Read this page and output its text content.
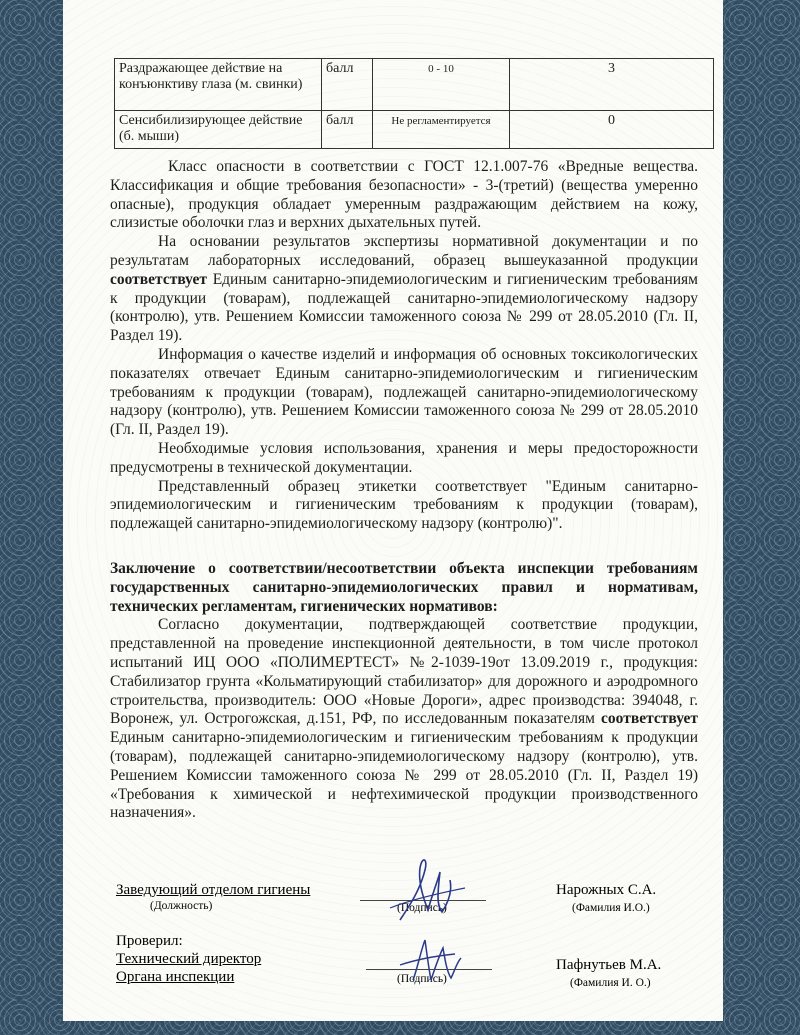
Раздражающее действие на конъюнктиву глаза (м. свинки)	балл	0 - 10	3
Сенсибилизирующее действие (б. мыши)	балл	Не регламентируется	0

Класс опасности в соответствии с ГОСТ 12.1.007-76 «Вредные вещества. Классификация и общие требования безопасности» - 3-(третий) (вещества умеренно опасные), продукция обладает умеренным раздражающим действием на кожу, слизистые оболочки глаз и верхних дыхательных путей.

На основании результатов экспертизы нормативной документации и по результатам лабораторных исследований, образец вышеуказанной продукции соответствует Единым санитарно-эпидемиологическим и гигиеническим требованиям к продукции (товарам), подлежащей санитарно-эпидемиологическому надзору (контролю), утв. Решением Комиссии таможенного союза № 299 от 28.05.2010 (Гл. II, Раздел 19).

Информация о качестве изделий и информация об основных токсикологических показателях отвечает Единым санитарно-эпидемиологическим и гигиеническим требованиям к продукции (товарам), подлежащей санитарно-эпидемиологическому надзору (контролю), утв. Решением Комиссии таможенного союза № 299 от 28.05.2010 (Гл. II, Раздел 19).

Необходимые условия использования, хранения и меры предосторожности предусмотрены в технической документации.

Представленный образец этикетки соответствует "Единым санитарно-эпидемиологическим и гигиеническим требованиям к продукции (товарам), подлежащей санитарно-эпидемиологическому надзору (контролю)".

Заключение о соответствии/несоответствии объекта инспекции требованиям государственных санитарно-эпидемиологических правил и нормативам, технических регламентам, гигиенических нормативов:

Согласно документации, подтверждающей соответствие продукции, представленной на проведение инспекционной деятельности, в том числе протокол испытаний ИЦ ООО «ПОЛИМЕРТЕСТ» №2-1039-19от 13.09.2019 г., продукция: Стабилизатор грунта «Кольматирующий стабилизатор» для дорожного и аэродромного строительства, производитель: ООО «Новые Дороги», адрес производства: 394048, г. Воронеж, ул. Острогожская, д.151, РФ, по исследованным показателям соответствует Единым санитарно-эпидемиологическим и гигиеническим требованиям к продукции (товарам), подлежащей санитарно-эпидемиологическому надзору (контролю), утв. Решением Комиссии таможенного союза № 299 от 28.05.2010 (Гл. II, Раздел 19) «Требования к химической и нефтехимической продукции производственного назначения».

Заведующий отделом гигиены
(Должность)	(Подпись)
Нарожных С.А.
(Фамилия И.О.)
Проверил:
Технический директор
Органа инспекции	(Подпись)
Пафнутьев М.А.
(Фамилия И. О.)
